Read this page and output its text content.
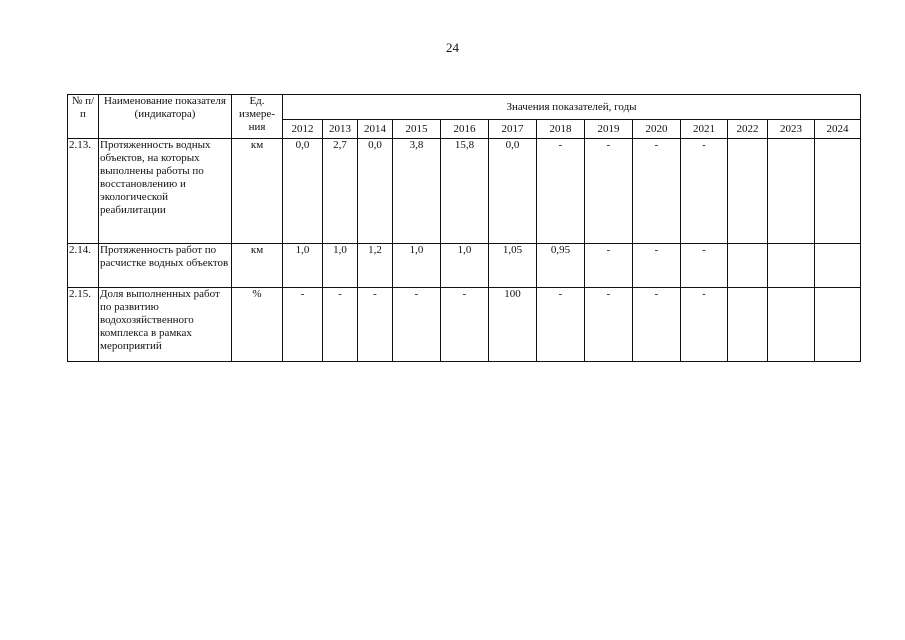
24
№ п/п	Наименование показателя (индикатора)	Ед. измере-ния	Значения показателей, годы												
			2012	2013	2014	2015	2016	2017	2018	2019	2020	2021	2022	2023	2024
2.13.	Протяженность водных объектов, на которых выполнены работы по восстановлению и экологической реабилитации	км	0,0	2,7	0,0	3,8	15,8	0,0	-	-	-	-			
2.14.	Протяженность работ по расчистке водных объектов	км	1,0	1,0	1,2	1,0	1,0	1,05	0,95	-	-	-			
2.15.	Доля выполненных работ по развитию водохозяйственного комплекса в рамках мероприятий	%	-	-	-	-	-	100	-	-	-	-			
